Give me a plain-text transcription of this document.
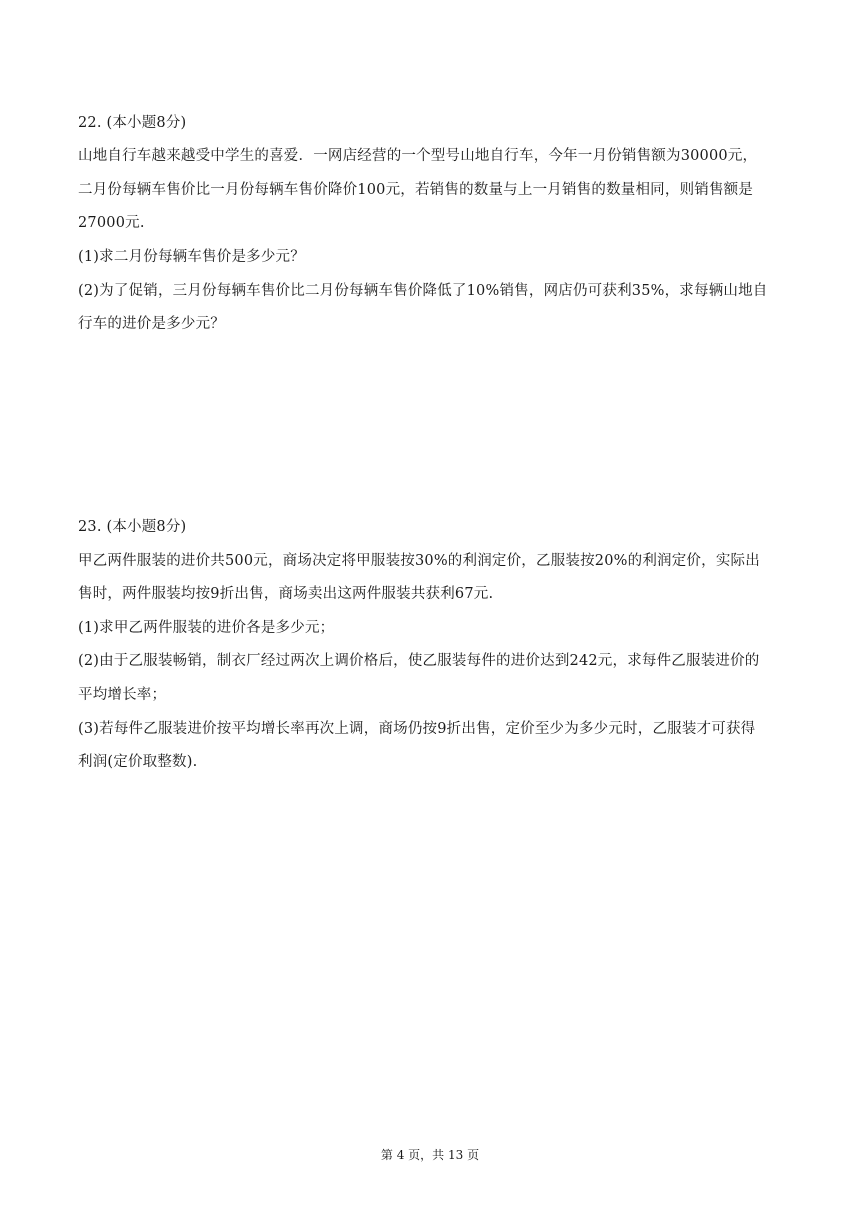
22. (本小题8分)
山地自行车越来越受中学生的喜爱．一网店经营的一个型号山地自行车，今年一月份销售额为30000元，
二月份每辆车售价比一月份每辆车售价降价100元，若销售的数量与上一月销售的数量相同，则销售额是
27000元.
(1)求二月份每辆车售价是多少元？
(2)为了促销，三月份每辆车售价比二月份每辆车售价降低了10%销售，网店仍可获利35%，求每辆山地自
行车的进价是多少元？
23. (本小题8分)
甲乙两件服装的进价共500元，商场决定将甲服装按30%的利润定价，乙服装按20%的利润定价，实际出
售时，两件服装均按9折出售，商场卖出这两件服装共获利67元.
(1)求甲乙两件服装的进价各是多少元；
(2)由于乙服装畅销，制衣厂经过两次上调价格后，使乙服装每件的进价达到242元，求每件乙服装进价的
平均增长率；
(3)若每件乙服装进价按平均增长率再次上调，商场仍按9折出售，定价至少为多少元时，乙服装才可获得
利润(定价取整数).
第 4 页，共 13 页
